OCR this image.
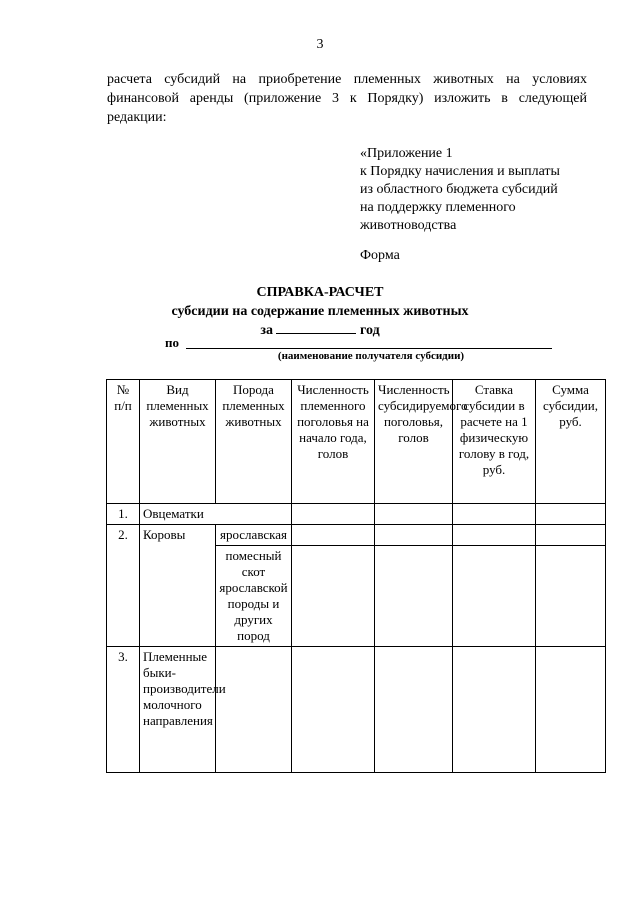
3
расчета субсидий на приобретение племенных животных на условиях финансовой аренды (приложение 3 к Порядку) изложить в следующей редакции:
«Приложение 1
к Порядку начисления и выплаты
из областного бюджета субсидий
на поддержку племенного
животноводства
Форма
СПРАВКА-РАСЧЕТ
субсидии на содержание племенных животных
за	год
по
(наименование получателя субсидии)
№ п/п	Вид племенных животных	Порода племенных животных	Численность племенного поголовья на начало года, голов	Численность субсидируемого поголовья, голов	Ставка субсидии в расчете на 1 физическую голову в год, руб.	Сумма субсидии, руб.
1.	Овцематки					
2.	Коровы	ярославская				
		помесный скот ярославской породы и других пород				
3.	Племенные быки-производители молочного направления					
